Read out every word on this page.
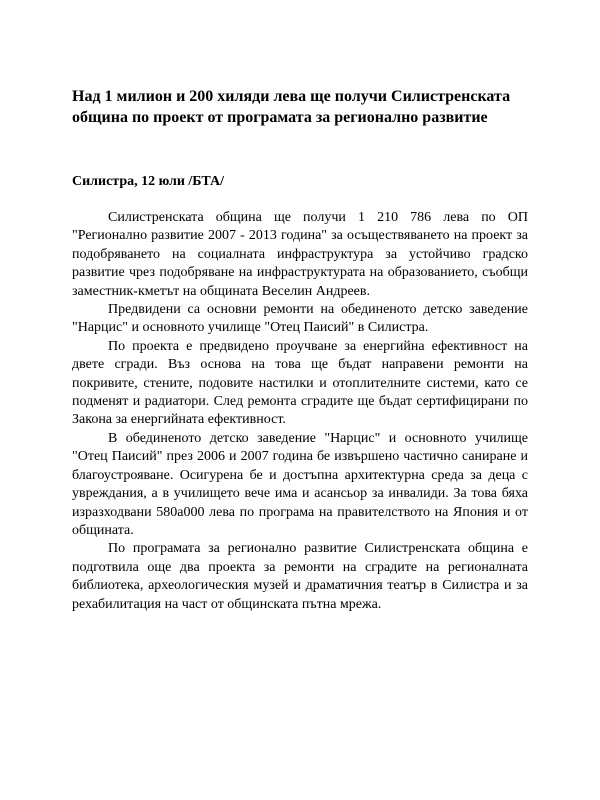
Над 1 милион и 200 хиляди лева ще получи Силистренската община по проект от програмата за регионално развитие
Силистра, 12 юли /БТА/

Силистренската община ще получи 1 210 786 лева по ОП "Регионално развитие 2007 - 2013 година" за осъществяването на проект за подобряването на социалната инфраструктура за устойчиво градско развитие чрез подобряване на инфраструктурата на образованието, съобщи заместник-кметът на общината Веселин Андреев.

Предвидени са основни ремонти на обединеното детско заведение "Нарцис" и основното училище "Отец Паисий" в Силистра.

По проекта е предвидено проучване за енергийна ефективност на двете сгради. Въз основа на това ще бъдат направени ремонти на покривите, стените, подовите настилки и отоплителните системи, като се подменят и радиатори. След ремонта сградите ще бъдат сертифицирани по Закона за енергийната ефективност.

В обединеното детско заведение "Нарцис" и основното училище "Отец Паисий" през 2006 и 2007 година бе извършено частично саниране и благоустрояване. Осигурена бе и достъпна архитектурна среда за деца с увреждания, а в училището вече има и асансьор за инвалиди. За това бяха изразходвани 580а000 лева по програма на правителството на Япония и от общината.

По програмата за регионално развитие Силистренската община е подготвила още два проекта за ремонти на сградите на регионалната библиотека, археологическия музей и драматичния театър в Силистра и за рехабилитация на част от общинската пътна мрежа.
